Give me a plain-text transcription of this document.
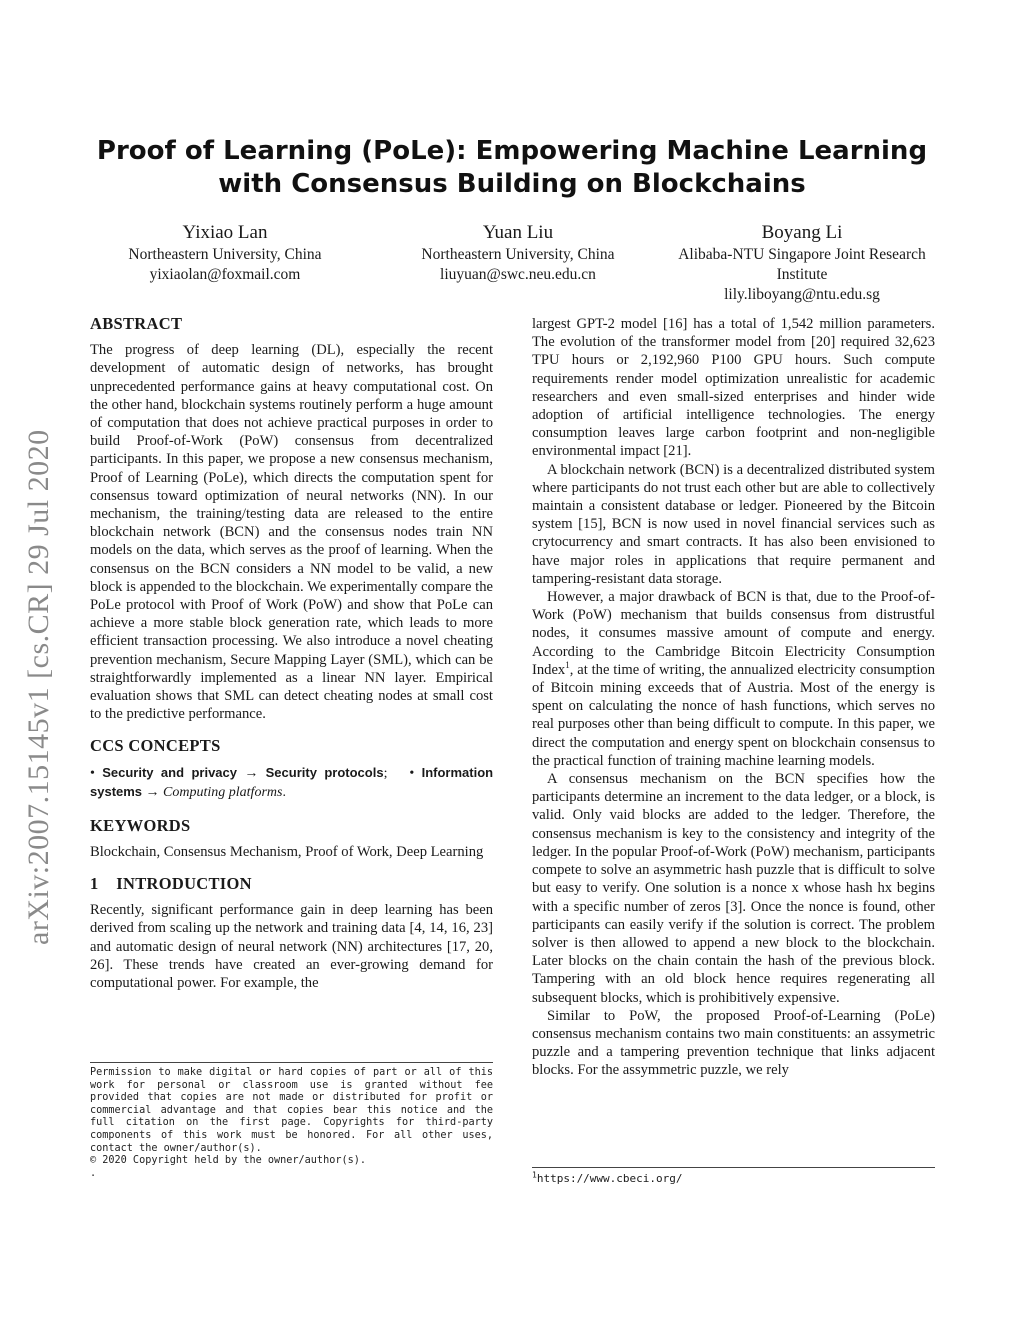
arXiv:2007.15145v1 [cs.CR] 29 Jul 2020
Proof of Learning (PoLe): Empowering Machine Learning with Consensus Building on Blockchains
Yixiao Lan
Northeastern University, China
yixiaolan@foxmail.com
Yuan Liu
Northeastern University, China
liuyuan@swc.neu.edu.cn
Boyang Li
Alibaba-NTU Singapore Joint Research Institute
lily.liboyang@ntu.edu.sg
ABSTRACT

The progress of deep learning (DL), especially the recent development of automatic design of networks, has brought unprecedented performance gains at heavy computational cost. On the other hand, blockchain systems routinely perform a huge amount of computation that does not achieve practical purposes in order to build Proof-of-Work (PoW) consensus from decentralized participants. In this paper, we propose a new consensus mechanism, Proof of Learning (PoLe), which directs the computation spent for consensus toward optimization of neural networks (NN). In our mechanism, the training/testing data are released to the entire blockchain network (BCN) and the consensus nodes train NN models on the data, which serves as the proof of learning. When the consensus on the BCN considers a NN model to be valid, a new block is appended to the blockchain. We experimentally compare the PoLe protocol with Proof of Work (PoW) and show that PoLe can achieve a more stable block generation rate, which leads to more efficient transaction processing. We also introduce a novel cheating prevention mechanism, Secure Mapping Layer (SML), which can be straightforwardly implemented as a linear NN layer. Empirical evaluation shows that SML can detect cheating nodes at small cost to the predictive performance.

CCS CONCEPTS
• Security and privacy → Security protocols; • Information systems → Computing platforms.
KEYWORDS

Blockchain, Consensus Mechanism, Proof of Work, Deep Learning

1 INTRODUCTION

Recently, significant performance gain in deep learning has been derived from scaling up the network and training data [4, 14, 16, 23] and automatic design of neural network (NN) architectures [17, 20, 26]. These trends have created an ever-growing demand for computational power. For example, the

Permission to make digital or hard copies of part or all of this work for personal or classroom use is granted without fee provided that copies are not made or distributed for profit or commercial advantage and that copies bear this notice and the full citation on the first page. Copyrights for third-party components of this work must be honored. For all other uses, contact the owner/author(s).
© 2020 Copyright held by the owner/author(s).
.

largest GPT-2 model [16] has a total of 1,542 million parameters. The evolution of the transformer model from [20] required 32,623 TPU hours or 2,192,960 P100 GPU hours. Such compute requirements render model optimization unrealistic for academic researchers and even small-sized enterprises and hinder wide adoption of artificial intelligence technologies. The energy consumption leaves large carbon footprint and non-negligible environmental impact [21].

A blockchain network (BCN) is a decentralized distributed system where participants do not trust each other but are able to collectively maintain a consistent database or ledger. Pioneered by the Bitcoin system [15], BCN is now used in novel financial services such as crytocurrency and smart contracts. It has also been envisioned to have major roles in applications that require permanent and tampering-resistant data storage.

However, a major drawback of BCN is that, due to the Proof-of-Work (PoW) mechanism that builds consensus from distrustful nodes, it consumes massive amount of compute and energy. According to the Cambridge Bitcoin Electricity Consumption Index$^1$, at the time of writing, the annualized electricity consumption of Bitcoin mining exceeds that of Austria. Most of the energy is spent on calculating the nonce of hash functions, which serves no real purposes other than being difficult to compute. In this paper, we direct the computation and energy spent on blockchain consensus to the practical function of training machine learning models.

A consensus mechanism on the BCN specifies how the participants determine an increment to the data ledger, or a block, is valid. Only vaid blocks are added to the ledger. Therefore, the consensus mechanism is key to the consistency and integrity of the ledger. In the popular Proof-of-Work (PoW) mechanism, participants compete to solve an asymmetric hash puzzle that is difficult to solve but easy to verify. One solution is a nonce x whose hash hx begins with a specific number of zeros [3]. Once the nonce is found, other participants can easily verify if the solution is correct. The problem solver is then allowed to append a new block to the blockchain. Later blocks on the chain contain the hash of the previous block. Tampering with an old block hence requires regenerating all subsequent blocks, which is prohibitively expensive.

Similar to PoW, the proposed Proof-of-Learning (PoLe) consensus mechanism contains two main constituents: an assymetric puzzle and a tampering prevention technique that links adjacent blocks. For the assymmetric puzzle, we rely

$^1$https://www.cbeci.org/
